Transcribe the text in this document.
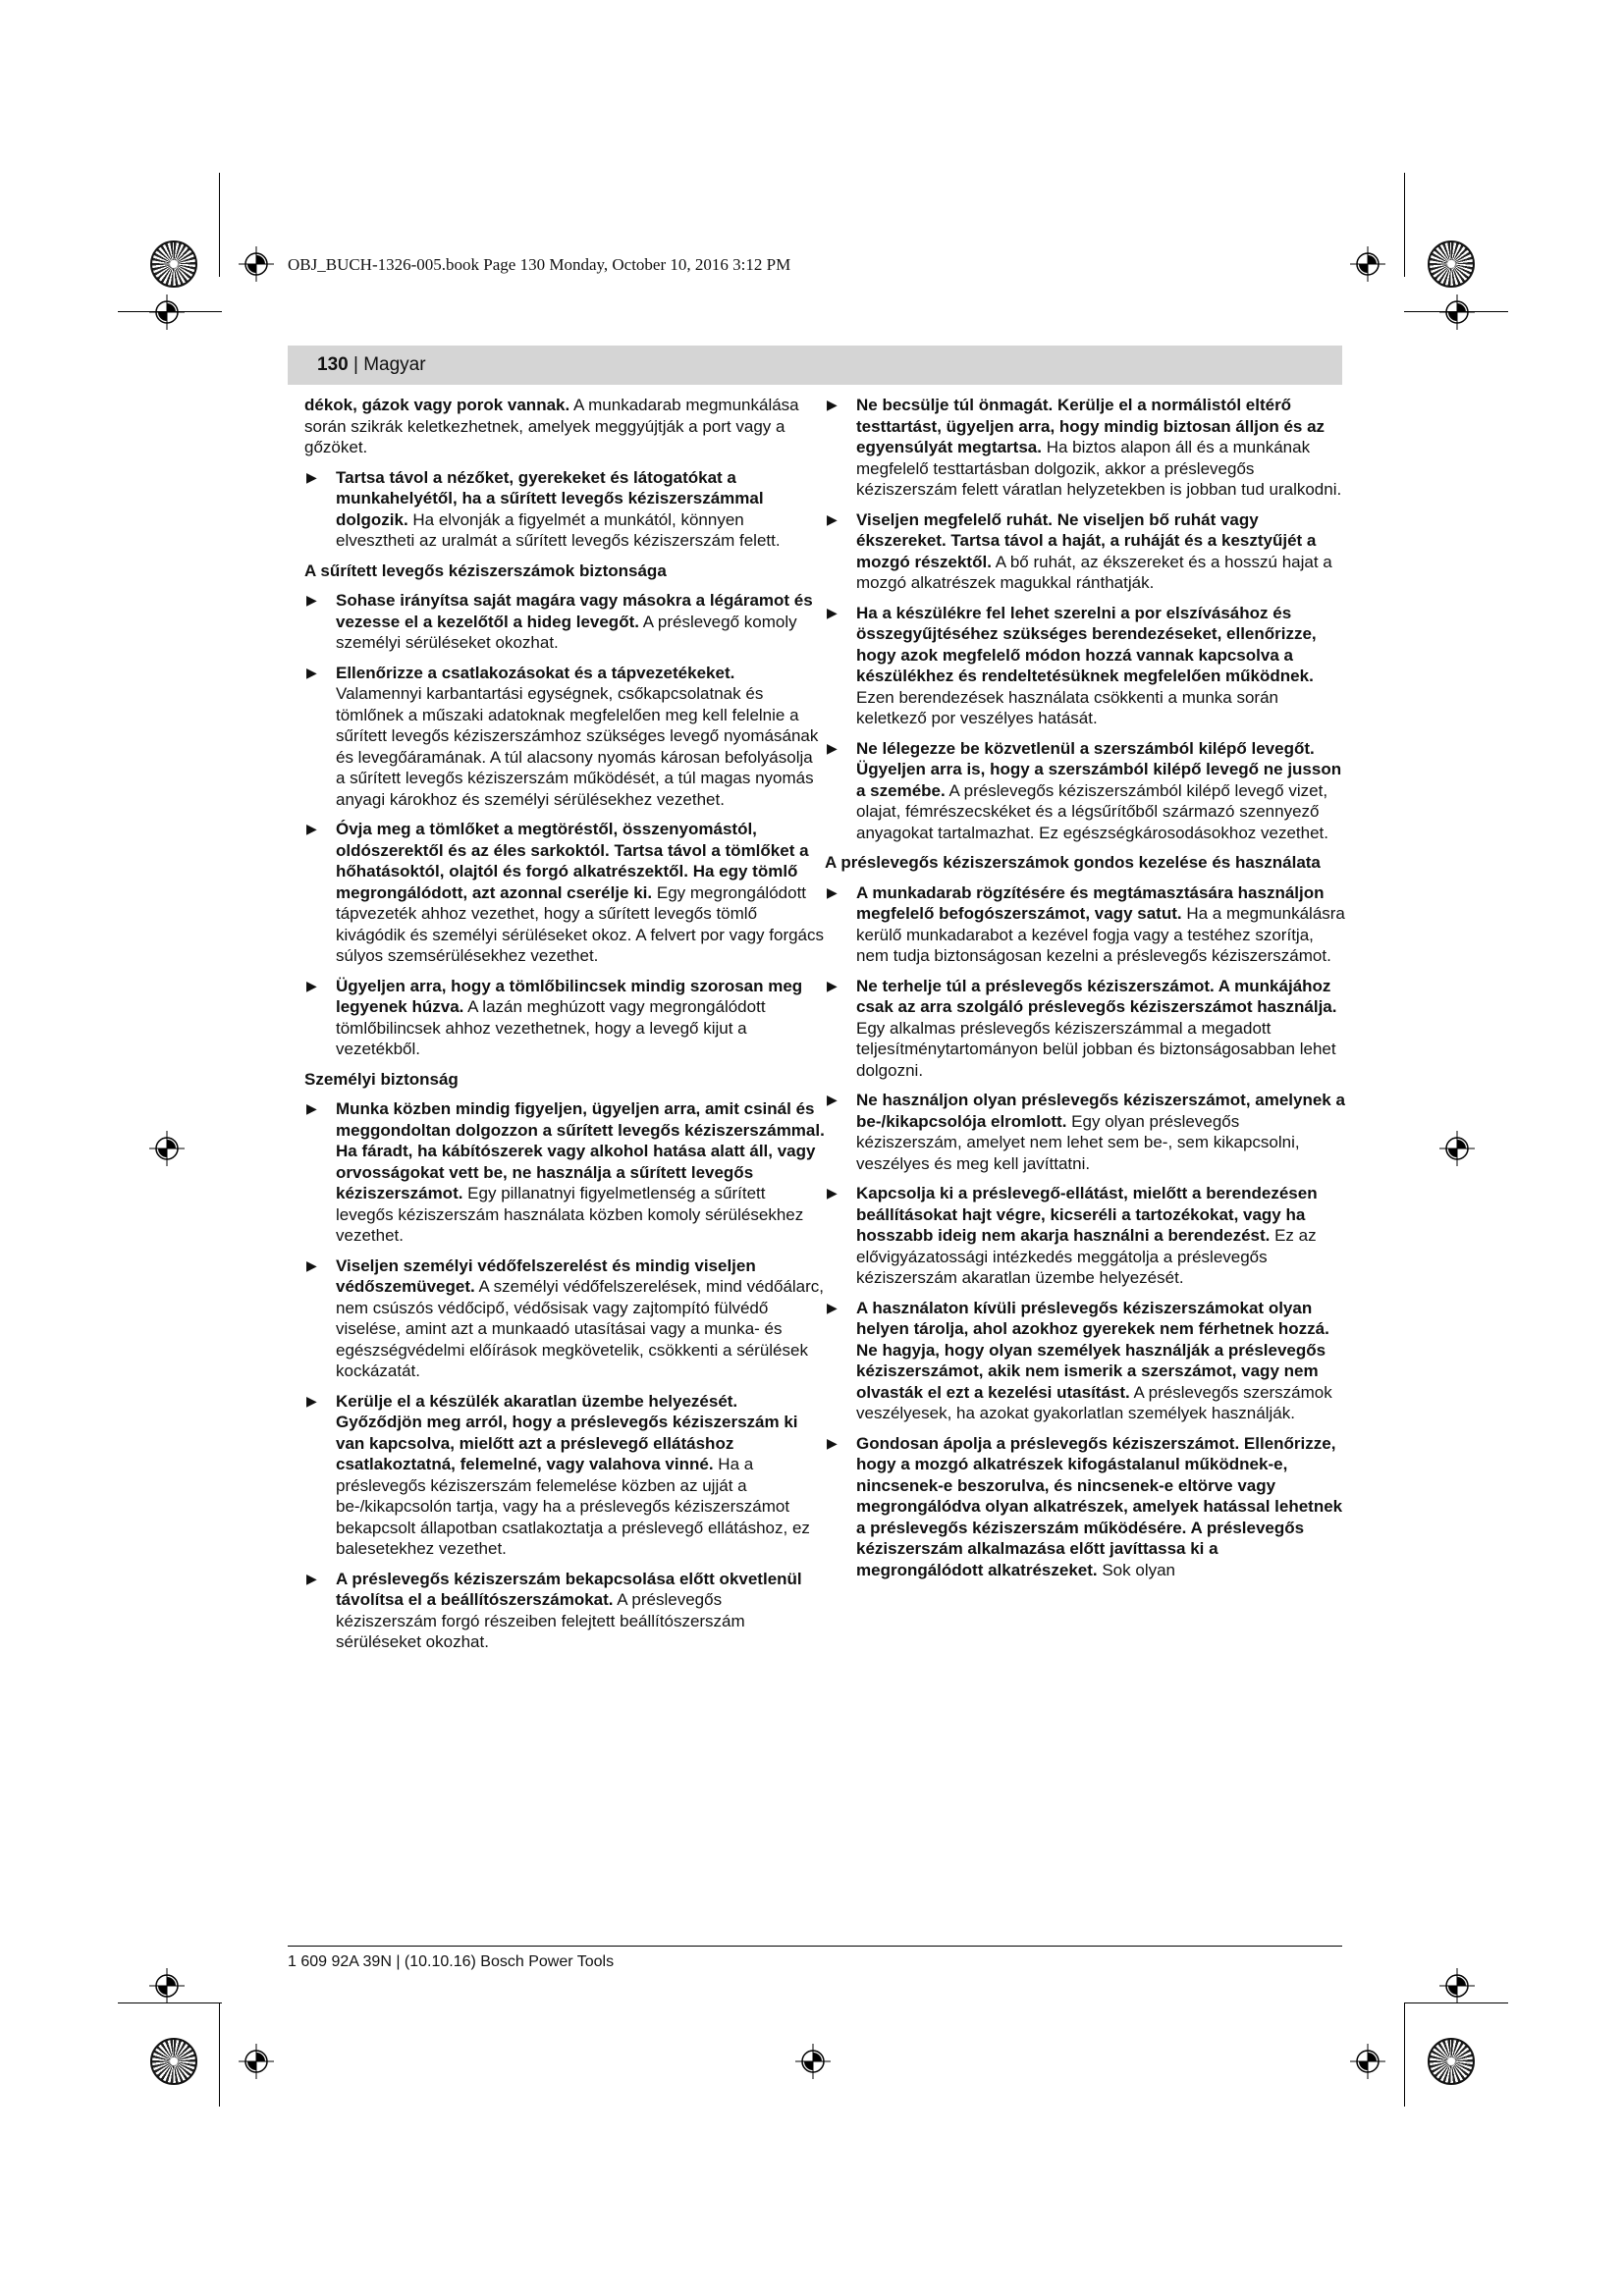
OBJ_BUCH-1326-005.book Page 130 Monday, October 10, 2016 3:12 PM
130 | Magyar

dékok, gázok vagy porok vannak. A munkadarab megmunkálása során szikrák keletkezhetnek, amelyek meggyújtják a port vagy a gőzöket.

▶ Tartsa távol a nézőket, gyerekeket és látogatókat a munkahelyétől, ha a sűrített levegős kéziszerszámmal dolgozik. Ha elvonják a figyelmét a munkától, könnyen elvesztheti az uralmát a sűrített levegős kéziszerszám felett.
A sűrített levegős kéziszerszámok biztonsága
▶ Sohase irányítsa saját magára vagy másokra a légáramot és vezesse el a kezelőtől a hideg levegőt. A préslevegő komoly személyi sérüléseket okozhat.
▶ Ellenőrizze a csatlakozásokat és a tápvezetékeket. Valamennyi karbantartási egységnek, csőkapcsolatnak és tömlőnek a műszaki adatoknak megfelelően meg kell felelnie a sűrített levegős kéziszerszámhoz szükséges levegő nyomásának és levegőáramának. A túl alacsony nyomás károsan befolyásolja a sűrített levegős kéziszerszám működését, a túl magas nyomás anyagi károkhoz és személyi sérülésekhez vezethet.
▶ Óvja meg a tömlőket a megtöréstől, összenyomástól, oldószerektől és az éles sarkoktól. Tartsa távol a tömlőket a hőhatásoktól, olajtól és forgó alkatrészektől. Ha egy tömlő megrongálódott, azt azonnal cserélje ki. Egy megrongálódott tápvezeték ahhoz vezethet, hogy a sűrített levegős tömlő kivágódik és személyi sérüléseket okoz. A felvert por vagy forgács súlyos szemsérülésekhez vezethet.
▶ Ügyeljen arra, hogy a tömlőbilincsek mindig szorosan meg legyenek húzva. A lazán meghúzott vagy megrongálódott tömlőbilincsek ahhoz vezethetnek, hogy a levegő kijut a vezetékből.
Személyi biztonság
▶ Munka közben mindig figyeljen, ügyeljen arra, amit csinál és meggondoltan dolgozzon a sűrített levegős kéziszerszámmal. Ha fáradt, ha kábítószerek vagy alkohol hatása alatt áll, vagy orvosságokat vett be, ne használja a sűrített levegős kéziszerszámot. Egy pillanatnyi figyelmetlenség a sűrített levegős kéziszerszám használata közben komoly sérülésekhez vezethet.
▶ Viseljen személyi védőfelszerelést és mindig viseljen védőszemüveget. A személyi védőfelszerelések, mind védőálarc, nem csúszós védőcipő, védősisak vagy zajtompító fülvédő viselése, amint azt a munkaadó utasításai vagy a munka- és egészségvédelmi előírások megkövetelik, csökkenti a sérülések kockázatát.
▶ Kerülje el a készülék akaratlan üzembe helyezését. Győződjön meg arról, hogy a préslevegős kéziszerszám ki van kapcsolva, mielőtt azt a préslevegő ellátáshoz csatlakoztatná, felemelné, vagy valahova vinné. Ha a préslevegős kéziszerszám felemelése közben az ujját a be-/kikapcsolón tartja, vagy ha a préslevegős kéziszerszámot bekapcsolt állapotban csatlakoztatja a préslevegő ellátáshoz, ez balesetekhez vezethet.
▶ A préslevegős kéziszerszám bekapcsolása előtt okvetlenül távolítsa el a beállítószerszámokat. A préslevegős kéziszerszám forgó részeiben felejtett beállítószerszám sérüléseket okozhat.
▶ Ne becsülje túl önmagát. Kerülje el a normálistól eltérő testtartást, ügyeljen arra, hogy mindig biztosan álljon és az egyensúlyát megtartsa. Ha biztos alapon áll és a munkának megfelelő testtartásban dolgozik, akkor a préslevegős kéziszerszám felett váratlan helyzetekben is jobban tud uralkodni.
▶ Viseljen megfelelő ruhát. Ne viseljen bő ruhát vagy ékszereket. Tartsa távol a haját, a ruháját és a kesztyűjét a mozgó részektől. A bő ruhát, az ékszereket és a hosszú hajat a mozgó alkatrészek magukkal ránthatják.
▶ Ha a készülékre fel lehet szerelni a por elszívásához és összegyűjtéséhez szükséges berendezéseket, ellenőrizze, hogy azok megfelelő módon hozzá vannak kapcsolva a készülékhez és rendeltetésüknek megfelelően működnek. Ezen berendezések használata csökkenti a munka során keletkező por veszélyes hatását.
▶ Ne lélegezze be közvetlenül a szerszámból kilépő levegőt. Ügyeljen arra is, hogy a szerszámból kilépő levegő ne jusson a szemébe. A préslevegős kéziszerszámból kilépő levegő vizet, olajat, fémrészecskéket és a légsűrítőből származó szennyező anyagokat tartalmazhat. Ez egészségkárosodásokhoz vezethet.
A préslevegős kéziszerszámok gondos kezelése és használata
▶ A munkadarab rögzítésére és megtámasztására használjon megfelelő befogószerszámot, vagy satut. Ha a megmunkálásra kerülő munkadarabot a kezével fogja vagy a testéhez szorítja, nem tudja biztonságosan kezelni a préslevegős kéziszerszámot.
▶ Ne terhelje túl a préslevegős kéziszerszámot. A munkájához csak az arra szolgáló préslevegős kéziszerszámot használja. Egy alkalmas préslevegős kéziszerszámmal a megadott teljesítménytartományon belül jobban és biztonságosabban lehet dolgozni.
▶ Ne használjon olyan préslevegős kéziszerszámot, amelynek a be-/kikapcsolója elromlott. Egy olyan préslevegős kéziszerszám, amelyet nem lehet sem be-, sem kikapcsolni, veszélyes és meg kell javíttatni.
▶ Kapcsolja ki a préslevegő-ellátást, mielőtt a berendezésen beállításokat hajt végre, kicseréli a tartozékokat, vagy ha hosszabb ideig nem akarja használni a berendezést. Ez az elővigyázatossági intézkedés meggátolja a préslevegős kéziszerszám akaratlan üzembe helyezését.
▶ A használaton kívüli préslevegős kéziszerszámokat olyan helyen tárolja, ahol azokhoz gyerekek nem férhetnek hozzá. Ne hagyja, hogy olyan személyek használják a préslevegős kéziszerszámot, akik nem ismerik a szerszámot, vagy nem olvasták el ezt a kezelési utasítást. A préslevegős szerszámok veszélyesek, ha azokat gyakorlatlan személyek használják.
▶ Gondosan ápolja a préslevegős kéziszerszámot. Ellenőrizze, hogy a mozgó alkatrészek kifogástalanul működnek-e, nincsenek-e beszorulva, és nincsenek-e eltörve vagy megrongálódva olyan alkatrészek, amelyek hatással lehetnek a préslevegős kéziszerszám működésére. A préslevegős kéziszerszám alkalmazása előtt javíttassa ki a megrongálódott alkatrészeket. Sok olyan
1 609 92A 39N | (10.10.16) Bosch Power Tools
